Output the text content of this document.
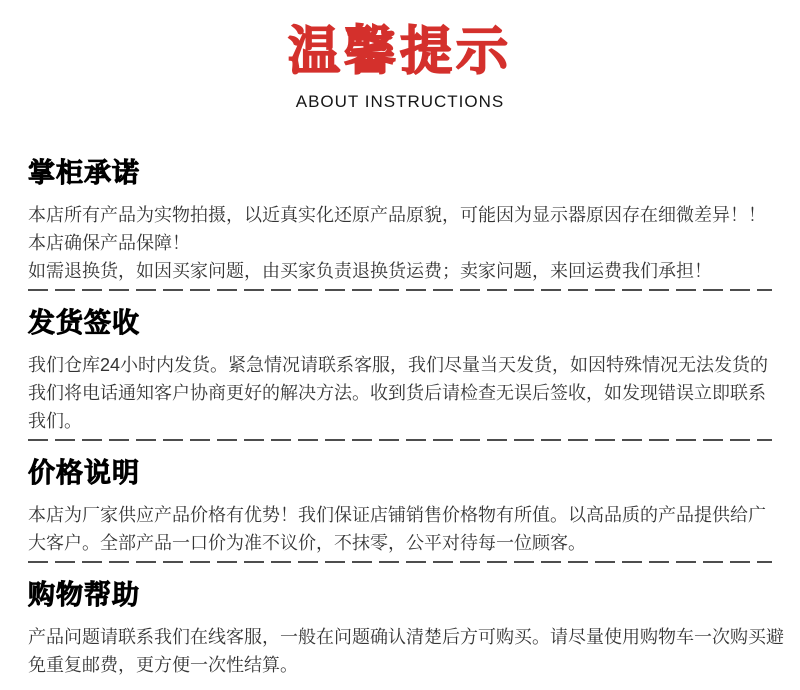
温馨提示
ABOUT INSTRUCTIONS
掌柜承诺
本店所有产品为实物拍摄，以近真实化还原产品原貌，可能因为显示器原因存在细微差异！！
本店确保产品保障！
如需退换货，如因买家问题，由买家负责退换货运费；卖家问题，来回运费我们承担！
发货签收
我们仓库24小时内发货。紧急情况请联系客服，我们尽量当天发货，如因特殊情况无法发货的
我们将电话通知客户协商更好的解决方法。收到货后请检查无误后签收，如发现错误立即联系
我们。
价格说明
本店为厂家供应产品价格有优势！我们保证店铺销售价格物有所值。以高品质的产品提供给广
大客户。全部产品一口价为准不议价，不抹零，公平对待每一位顾客。
购物帮助
产品问题请联系我们在线客服，一般在问题确认清楚后方可购买。请尽量使用购物车一次购买避
免重复邮费，更方便一次性结算。
